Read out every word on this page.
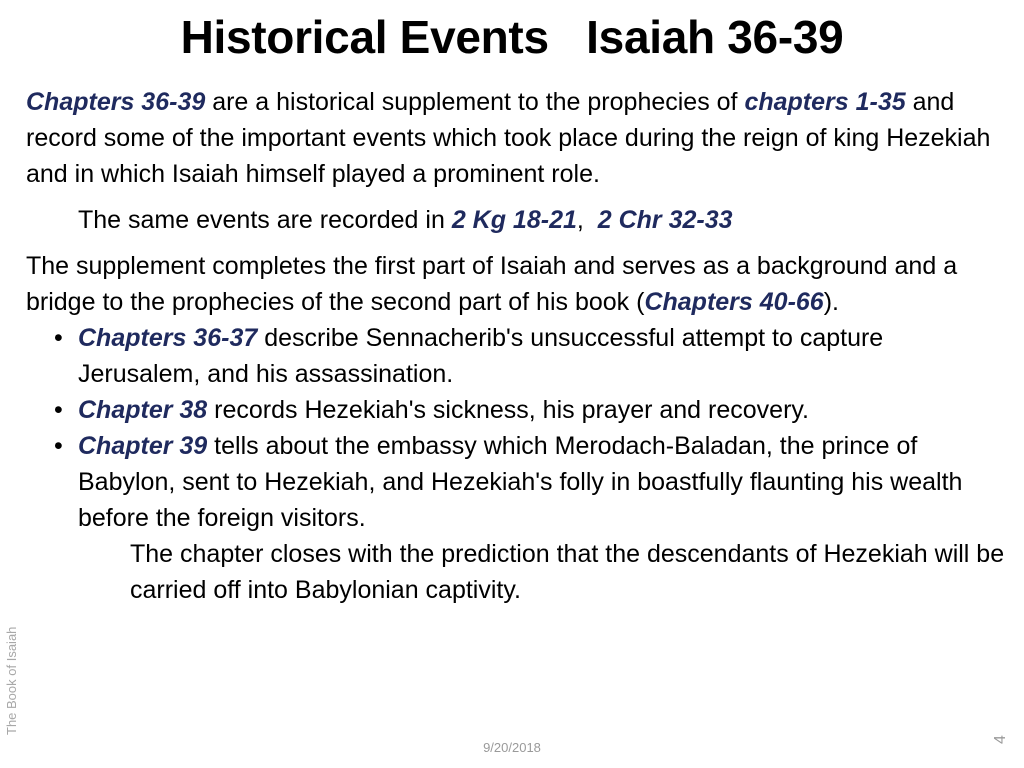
Historical Events   Isaiah 36-39

Chapters 36-39 are a historical supplement to the prophecies of chapters 1-35 and record some of the important events which took place during the reign of king Hezekiah and in which Isaiah himself played a prominent role.

The same events are recorded in 2 Kg 18-21,  2 Chr 32-33

The supplement completes the first part of Isaiah and serves as a background and a bridge to the prophecies of the second part of his book (Chapters 40-66).

• Chapters 36-37 describe Sennacherib's unsuccessful attempt to capture Jerusalem, and his assassination.

• Chapter 38 records Hezekiah's sickness, his prayer and recovery.

• Chapter 39 tells about the embassy which Merodach-Baladan, the prince of Babylon, sent to Hezekiah, and Hezekiah's folly in boastfully flaunting his wealth before the foreign visitors.

The chapter closes with the prediction that the descendants of Hezekiah will be carried off into Babylonian captivity.

The Book of Isaiah
9/20/2018
4
